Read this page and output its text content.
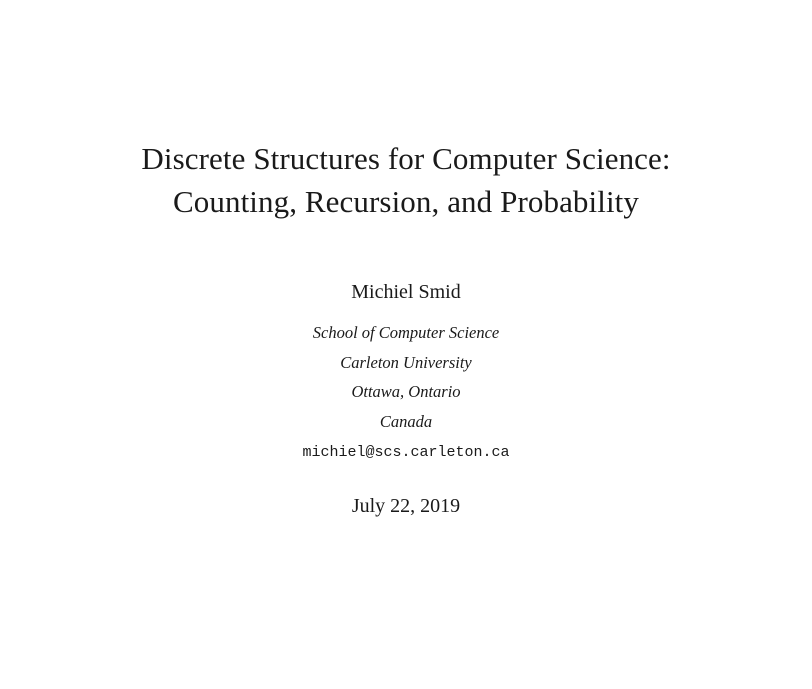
Discrete Structures for Computer Science:
Counting, Recursion, and Probability
Michiel Smid
School of Computer Science
Carleton University
Ottawa, Ontario
Canada
michiel@scs.carleton.ca
July 22, 2019
